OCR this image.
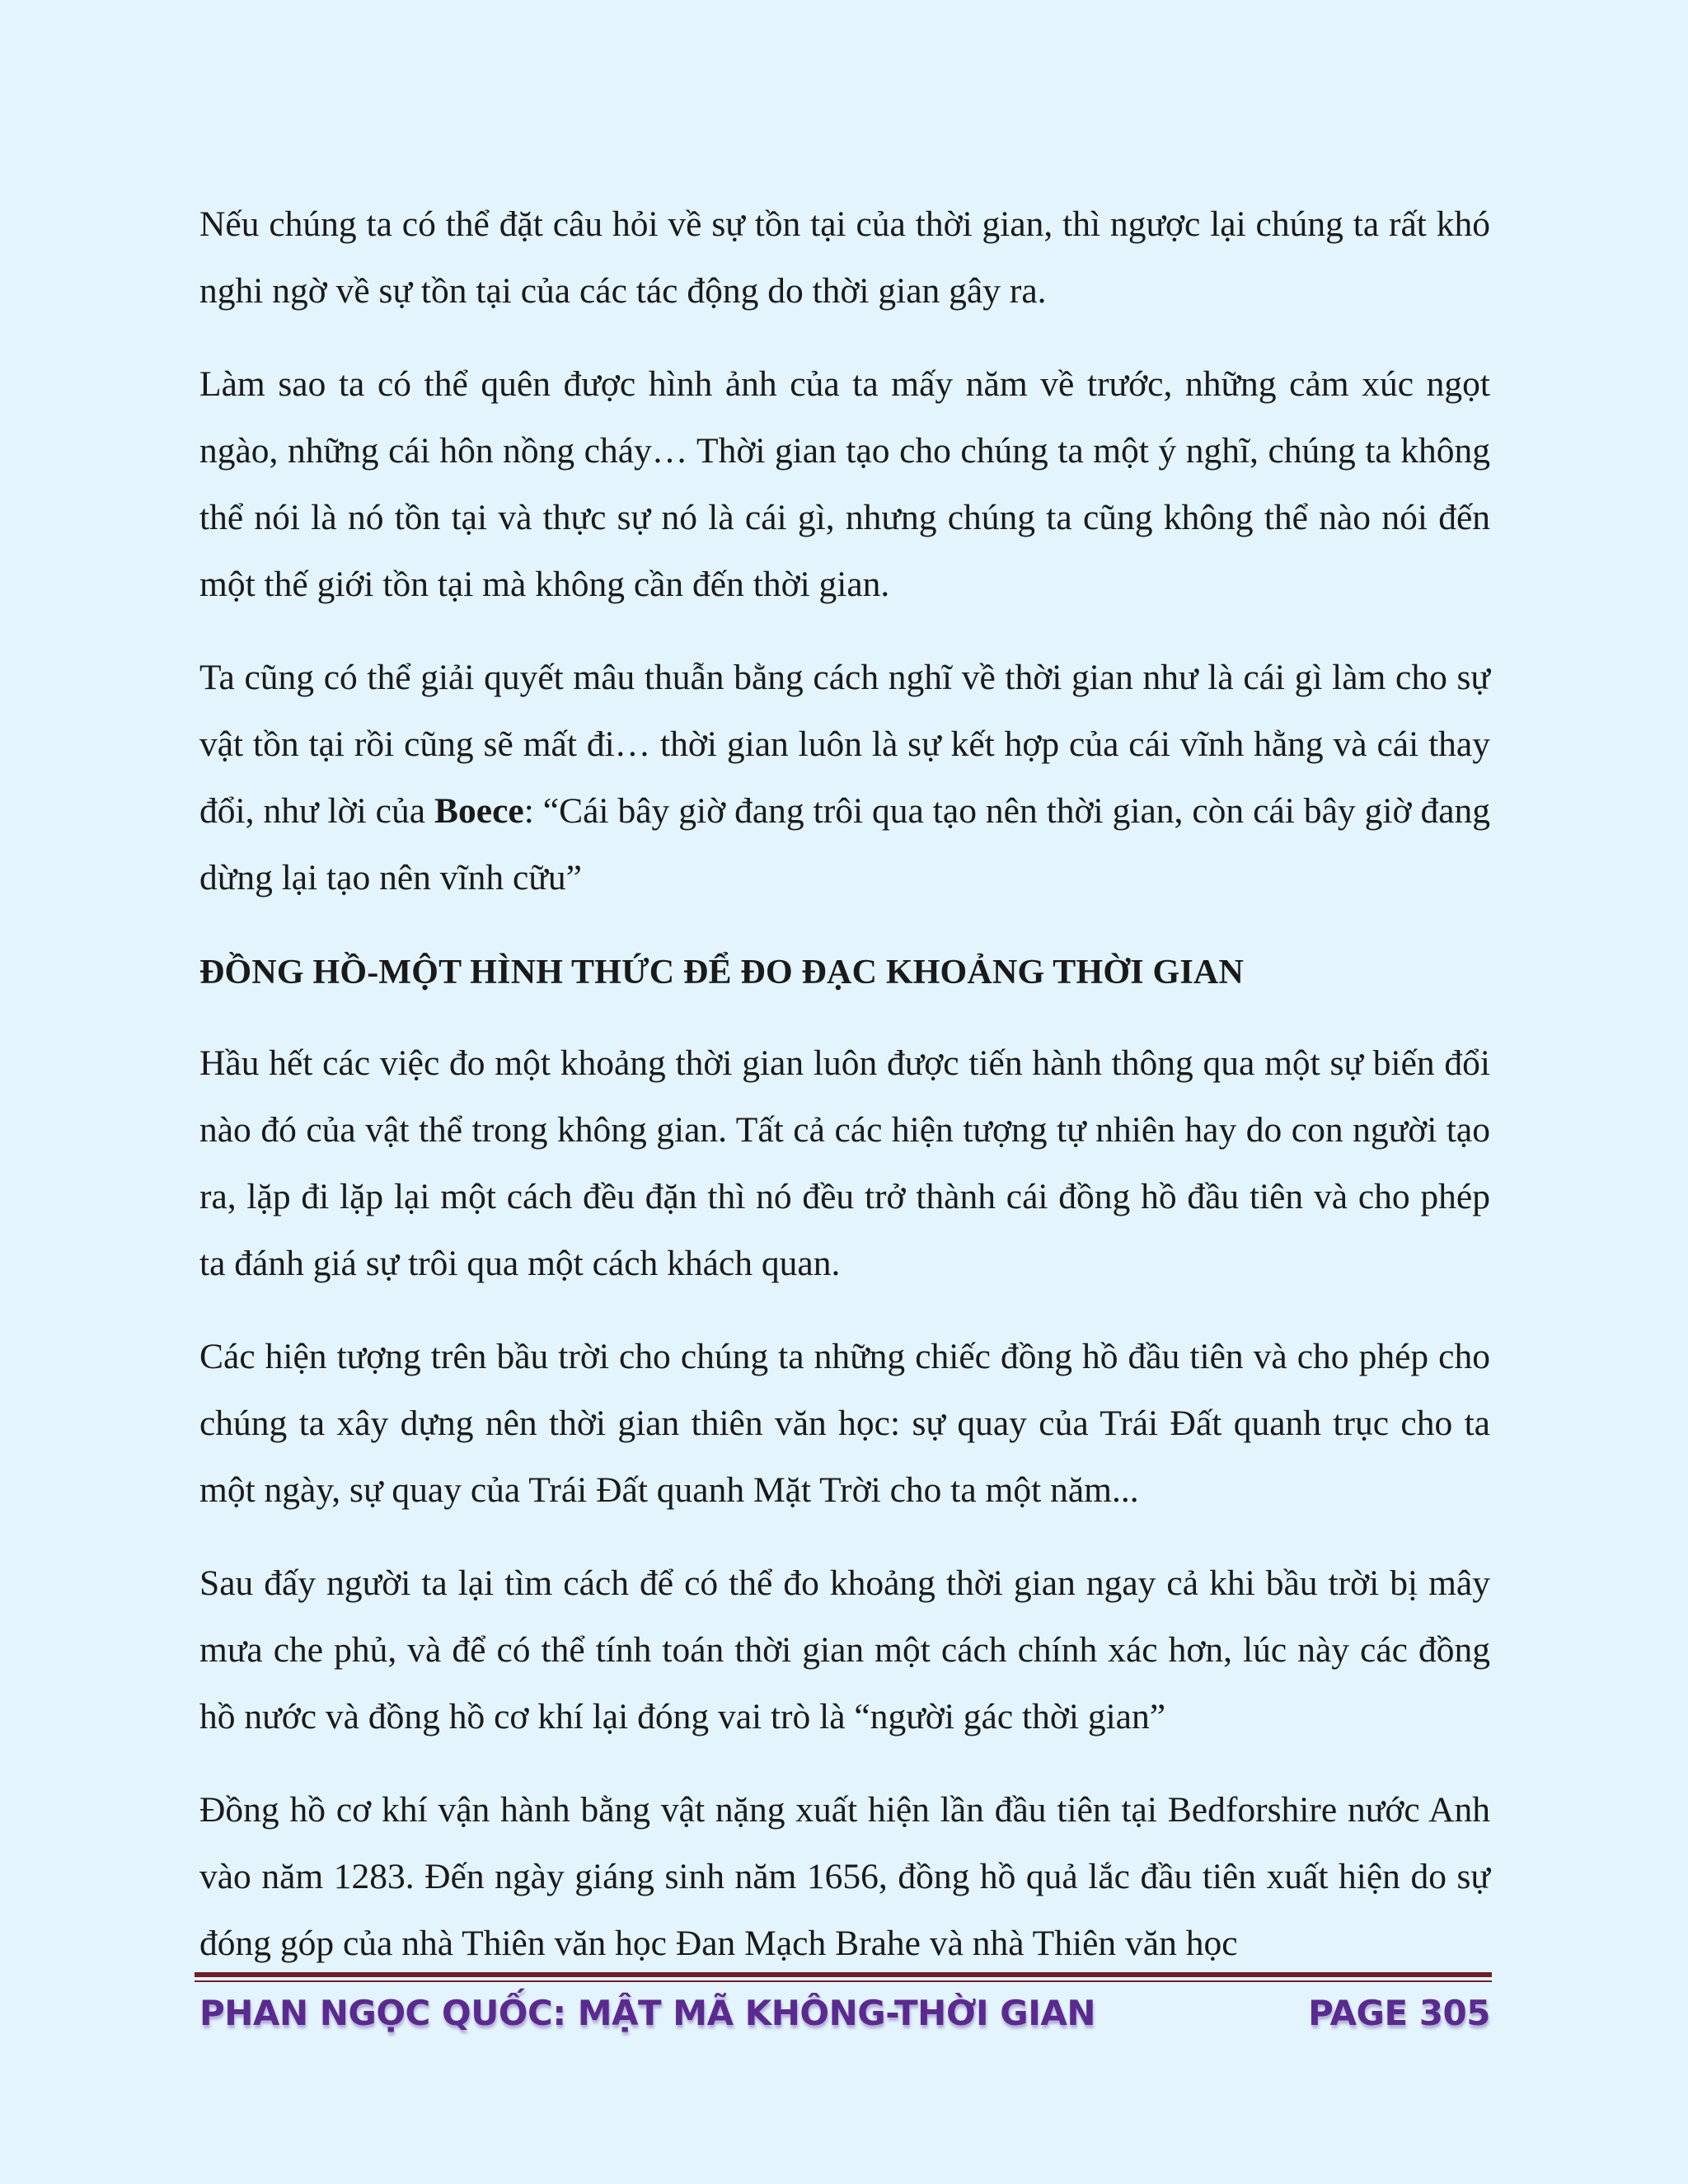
Nếu chúng ta có thể đặt câu hỏi về sự tồn tại của thời gian, thì ngược lại chúng ta rất khó nghi ngờ về sự tồn tại của các tác động do thời gian gây ra.

Làm sao ta có thể quên được hình ảnh của ta mấy năm về trước, những cảm xúc ngọt ngào, những cái hôn nồng cháy… Thời gian tạo cho chúng ta một ý nghĩ, chúng ta không thể nói là nó tồn tại và thực sự nó là cái gì, nhưng chúng ta cũng không thể nào nói đến một thế giới tồn tại mà không cần đến thời gian.

Ta cũng có thể giải quyết mâu thuẫn bằng cách nghĩ về thời gian như là cái gì làm cho sự vật tồn tại rồi cũng sẽ mất đi… thời gian luôn là sự kết hợp của cái vĩnh hằng và cái thay đổi, như lời của Boece: “Cái bây giờ đang trôi qua tạo nên thời gian, còn cái bây giờ đang dừng lại tạo nên vĩnh cữu”

ĐỒNG HỒ-MỘT HÌNH THỨC ĐỂ ĐO ĐẠC KHOẢNG THỜI GIAN

Hầu hết các việc đo một khoảng thời gian luôn được tiến hành thông qua một sự biến đổi nào đó của vật thể trong không gian. Tất cả các hiện tượng tự nhiên hay do con người tạo ra, lặp đi lặp lại một cách đều đặn thì nó đều trở thành cái đồng hồ đầu tiên và cho phép ta đánh giá sự trôi qua một cách khách quan.

Các hiện tượng trên bầu trời cho chúng ta những chiếc đồng hồ đầu tiên và cho phép cho chúng ta xây dựng nên thời gian thiên văn học: sự quay của Trái Đất quanh trục cho ta một ngày, sự quay của Trái Đất quanh Mặt Trời cho ta một năm...

Sau đấy người ta lại tìm cách để có thể đo khoảng thời gian ngay cả khi bầu trời bị mây mưa che phủ, và để có thể tính toán thời gian một cách chính xác hơn, lúc này các đồng hồ nước và đồng hồ cơ khí lại đóng vai trò là “người gác thời gian”

Đồng hồ cơ khí vận hành bằng vật nặng xuất hiện lần đầu tiên tại Bedforshire nước Anh vào năm 1283. Đến ngày giáng sinh năm 1656, đồng hồ quả lắc đầu tiên xuất hiện do sự đóng góp của nhà Thiên văn học Đan Mạch Brahe và nhà Thiên văn học

PHAN NGỌC QUỐC: MẬT MÃ KHÔNG-THỜI GIAN	PAGE 305
